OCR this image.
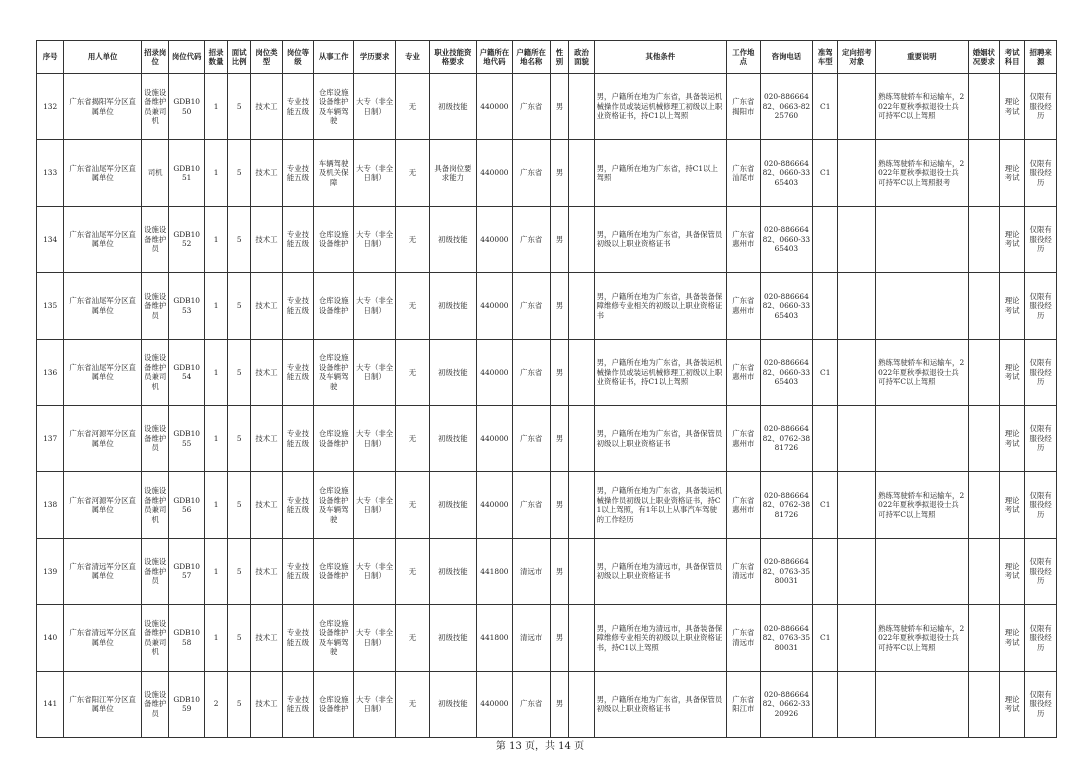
序号	用人单位	招录岗位	岗位代码	招录数量	面试比例	岗位类型	岗位等级	从事工作	学历要求	专业	职业技能资格要求	户籍所在地代码	户籍所在地名称	性别	政治面貌	其他条件	工作地点	咨询电话	准驾车型	定向招考对象	重要说明	婚姻状况要求	考试科目	招聘来源
132	广东省揭阳军分区直属单位	设施设备维护员兼司机	GDB1050	1	5	技术工	专业技能五级	仓库设施设备维护及车辆驾驶	大专（非全日制）	无	初级技能	440000	广东省	男		男，户籍所在地为广东省，具备装运机械操作员或装运机械修理工初级以上职业资格证书，持C1以上驾照	广东省揭阳市	020-88666482、0663-8225760	C1		熟练驾驶轿车和运输车，2022年夏秋季拟退役士兵可持军C以上驾照		理论考试	仅限有服役经历
133	广东省汕尾军分区直属单位	司机	GDB1051	1	5	技术工	专业技能五级	车辆驾驶及机关保障	大专（非全日制）	无	具备岗位要求能力	440000	广东省	男		男，户籍所在地为广东省，持C1以上驾照	广东省汕尾市	020-88666482、0660-3365403	C1		熟练驾驶轿车和运输车，2022年夏秋季拟退役士兵可持军C以上驾照报考		理论考试	仅限有服役经历
134	广东省汕尾军分区直属单位	设施设备维护员	GDB1052	1	5	技术工	专业技能五级	仓库设施设备维护	大专（非全日制）	无	初级技能	440000	广东省	男		男，户籍所在地为广东省，具备保管员初级以上职业资格证书	广东省惠州市	020-88666482、0660-3365403					理论考试	仅限有服役经历
135	广东省汕尾军分区直属单位	设施设备维护员	GDB1053	1	5	技术工	专业技能五级	仓库设施设备维护	大专（非全日制）	无	初级技能	440000	广东省	男		男，户籍所在地为广东省，具备装备保障维修专业相关的初级以上职业资格证书	广东省惠州市	020-88666482、0660-3365403					理论考试	仅限有服役经历
136	广东省汕尾军分区直属单位	设施设备维护员兼司机	GDB1054	1	5	技术工	专业技能五级	仓库设施设备维护及车辆驾驶	大专（非全日制）	无	初级技能	440000	广东省	男		男，户籍所在地为广东省，具备装运机械操作员或装运机械修理工初级以上职业资格证书，持C1以上驾照	广东省惠州市	020-88666482、0660-3365403	C1		熟练驾驶轿车和运输车，2022年夏秋季拟退役士兵可持军C以上驾照		理论考试	仅限有服役经历
137	广东省河源军分区直属单位	设施设备维护员	GDB1055	1	5	技术工	专业技能五级	仓库设施设备维护	大专（非全日制）	无	初级技能	440000	广东省	男		男，户籍所在地为广东省，具备保管员初级以上职业资格证书	广东省惠州市	020-88666482、0762-3881726					理论考试	仅限有服役经历
138	广东省河源军分区直属单位	设施设备维护员兼司机	GDB1056	1	5	技术工	专业技能五级	仓库设施设备维护及车辆驾驶	大专（非全日制）	无	初级技能	440000	广东省	男		男，户籍所在地为广东省，具备装运机械操作员初级以上职业资格证书，持C1以上驾照，有1年以上从事汽车驾驶的工作经历	广东省惠州市	020-88666482、0762-3881726	C1		熟练驾驶轿车和运输车，2022年夏秋季拟退役士兵可持军C以上驾照		理论考试	仅限有服役经历
139	广东省清远军分区直属单位	设施设备维护员	GDB1057	1	5	技术工	专业技能五级	仓库设施设备维护	大专（非全日制）	无	初级技能	441800	清远市	男		男，户籍所在地为清远市，具备保管员初级以上职业资格证书	广东省清远市	020-88666482、0763-3580031					理论考试	仅限有服役经历
140	广东省清远军分区直属单位	设施设备维护员兼司机	GDB1058	1	5	技术工	专业技能五级	仓库设施设备维护及车辆驾驶	大专（非全日制）	无	初级技能	441800	清远市	男		男，户籍所在地为清远市，具备装备保障维修专业相关的初级以上职业资格证书，持C1以上驾照	广东省清远市	020-88666482、0763-3580031	C1		熟练驾驶轿车和运输车，2022年夏秋季拟退役士兵可持军C以上驾照		理论考试	仅限有服役经历
141	广东省阳江军分区直属单位	设施设备维护员	GDB1059	2	5	技术工	专业技能五级	仓库设施设备维护	大专（非全日制）	无	初级技能	440000	广东省	男		男，户籍所在地为广东省，具备保管员初级以上职业资格证书	广东省阳江市	020-88666482、0662-3320926					理论考试	仅限有服役经历
第 13 页，共 14 页
